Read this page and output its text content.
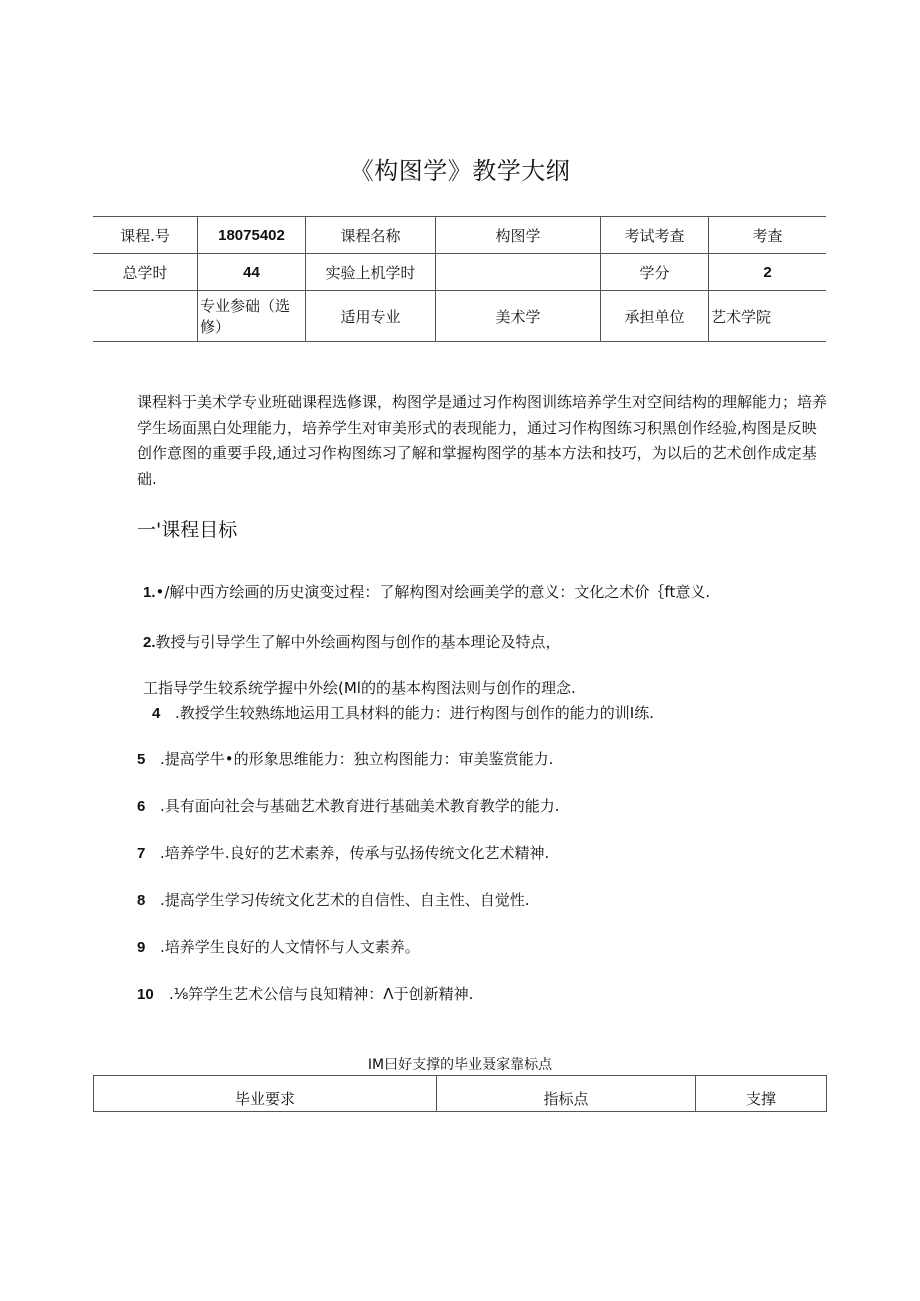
《构图学》教学大纲
课程.号	18075402	课程名称	构图学	考试考查	考查
总学时	44	实验上机学时		学分	2
	专业参础（选修）	适用专业	美术学	承担单位	艺术学院
课程料于美术学专业班础课程选修课，构图学是通过习作构图训练培养学生对空间结构的理解能力；培养学生场面黑白处理能力，培养学生对审美形式的表现能力，通过习作构图练习积黑创作经验,构图是反映创作意图的重要手段,通过习作构图练习了解和掌握构图学的基本方法和技巧，为以后的艺术创作成定基础.
一'课程目标
1.•/解中西方绘画的历史演变过程：了解构图对绘画美学的意义：文化之术价｛ft意义.
2.教授与引导学生了解中外绘画构图与创作的基本理论及特点，
工指导学生较系统学握中外绘(Ml的的基本构图法则与创作的理念.
4 .教授学生较熟练地运用工具材料的能力：进行构图与创作的能力的训I练.
5 .提高学牛•的形象思维能力：独立构图能力：审美鉴赏能力.
6 .具有面向社会与基础艺术教育进行基础美术教育教学的能力.
7 .培养学牛.良好的艺术素养，传承与弘扬传统文化艺术精神.
8 .提高学生学习传统文化艺术的自信性、自主性、自觉性.
9 .培养学生良好的人文情怀与人文素养。
10 .⅛笄学生艺术公信与良知精神：Λ于创新精神.
IM曰好支撑的毕业聂家靠标点
毕业要求	指标点	支撑
